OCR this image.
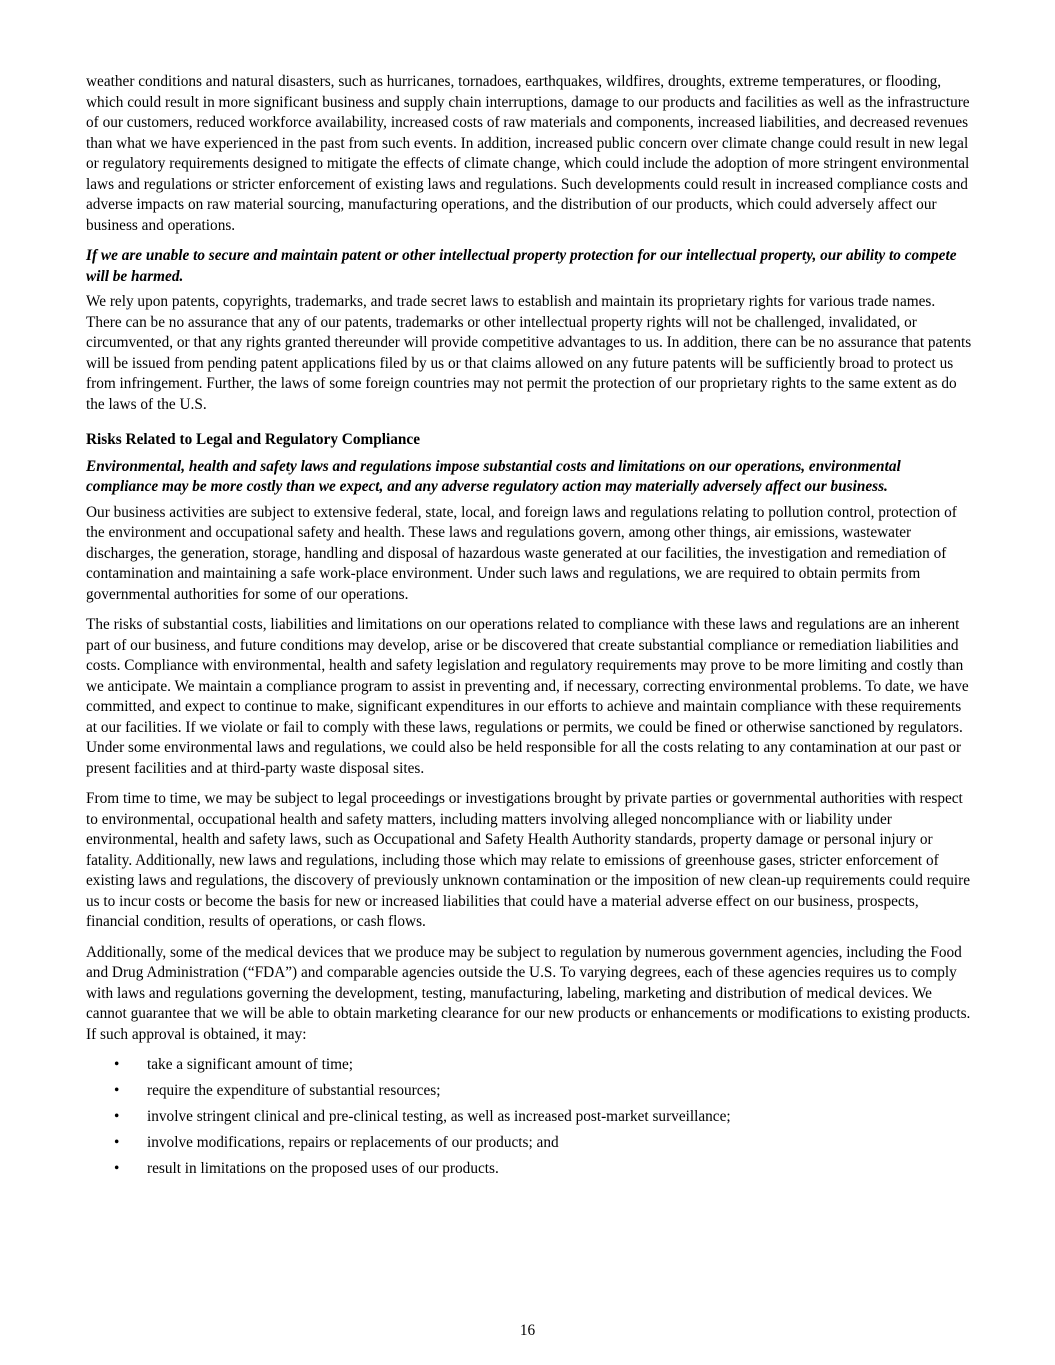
weather conditions and natural disasters, such as hurricanes, tornadoes, earthquakes, wildfires, droughts, extreme temperatures, or flooding, which could result in more significant business and supply chain interruptions, damage to our products and facilities as well as the infrastructure of our customers, reduced workforce availability, increased costs of raw materials and components, increased liabilities, and decreased revenues than what we have experienced in the past from such events. In addition, increased public concern over climate change could result in new legal or regulatory requirements designed to mitigate the effects of climate change, which could include the adoption of more stringent environmental laws and regulations or stricter enforcement of existing laws and regulations. Such developments could result in increased compliance costs and adverse impacts on raw material sourcing, manufacturing operations, and the distribution of our products, which could adversely affect our business and operations.

If we are unable to secure and maintain patent or other intellectual property protection for our intellectual property, our ability to compete will be harmed.

We rely upon patents, copyrights, trademarks, and trade secret laws to establish and maintain its proprietary rights for various trade names. There can be no assurance that any of our patents, trademarks or other intellectual property rights will not be challenged, invalidated, or circumvented, or that any rights granted thereunder will provide competitive advantages to us. In addition, there can be no assurance that patents will be issued from pending patent applications filed by us or that claims allowed on any future patents will be sufficiently broad to protect us from infringement. Further, the laws of some foreign countries may not permit the protection of our proprietary rights to the same extent as do the laws of the U.S.

Risks Related to Legal and Regulatory Compliance

Environmental, health and safety laws and regulations impose substantial costs and limitations on our operations, environmental compliance may be more costly than we expect, and any adverse regulatory action may materially adversely affect our business.

Our business activities are subject to extensive federal, state, local, and foreign laws and regulations relating to pollution control, protection of the environment and occupational safety and health. These laws and regulations govern, among other things, air emissions, wastewater discharges, the generation, storage, handling and disposal of hazardous waste generated at our facilities, the investigation and remediation of contamination and maintaining a safe work-place environment. Under such laws and regulations, we are required to obtain permits from governmental authorities for some of our operations.

The risks of substantial costs, liabilities and limitations on our operations related to compliance with these laws and regulations are an inherent part of our business, and future conditions may develop, arise or be discovered that create substantial compliance or remediation liabilities and costs. Compliance with environmental, health and safety legislation and regulatory requirements may prove to be more limiting and costly than we anticipate. We maintain a compliance program to assist in preventing and, if necessary, correcting environmental problems. To date, we have committed, and expect to continue to make, significant expenditures in our efforts to achieve and maintain compliance with these requirements at our facilities. If we violate or fail to comply with these laws, regulations or permits, we could be fined or otherwise sanctioned by regulators. Under some environmental laws and regulations, we could also be held responsible for all the costs relating to any contamination at our past or present facilities and at third-party waste disposal sites.

From time to time, we may be subject to legal proceedings or investigations brought by private parties or governmental authorities with respect to environmental, occupational health and safety matters, including matters involving alleged noncompliance with or liability under environmental, health and safety laws, such as Occupational and Safety Health Authority standards, property damage or personal injury or fatality. Additionally, new laws and regulations, including those which may relate to emissions of greenhouse gases, stricter enforcement of existing laws and regulations, the discovery of previously unknown contamination or the imposition of new clean-up requirements could require us to incur costs or become the basis for new or increased liabilities that could have a material adverse effect on our business, prospects, financial condition, results of operations, or cash flows.

Additionally, some of the medical devices that we produce may be subject to regulation by numerous government agencies, including the Food and Drug Administration (“FDA”) and comparable agencies outside the U.S. To varying degrees, each of these agencies requires us to comply with laws and regulations governing the development, testing, manufacturing, labeling, marketing and distribution of medical devices. We cannot guarantee that we will be able to obtain marketing clearance for our new products or enhancements or modifications to existing products. If such approval is obtained, it may:

• take a significant amount of time;
• require the expenditure of substantial resources;
• involve stringent clinical and pre-clinical testing, as well as increased post-market surveillance;
• involve modifications, repairs or replacements of our products; and
• result in limitations on the proposed uses of our products.
16
